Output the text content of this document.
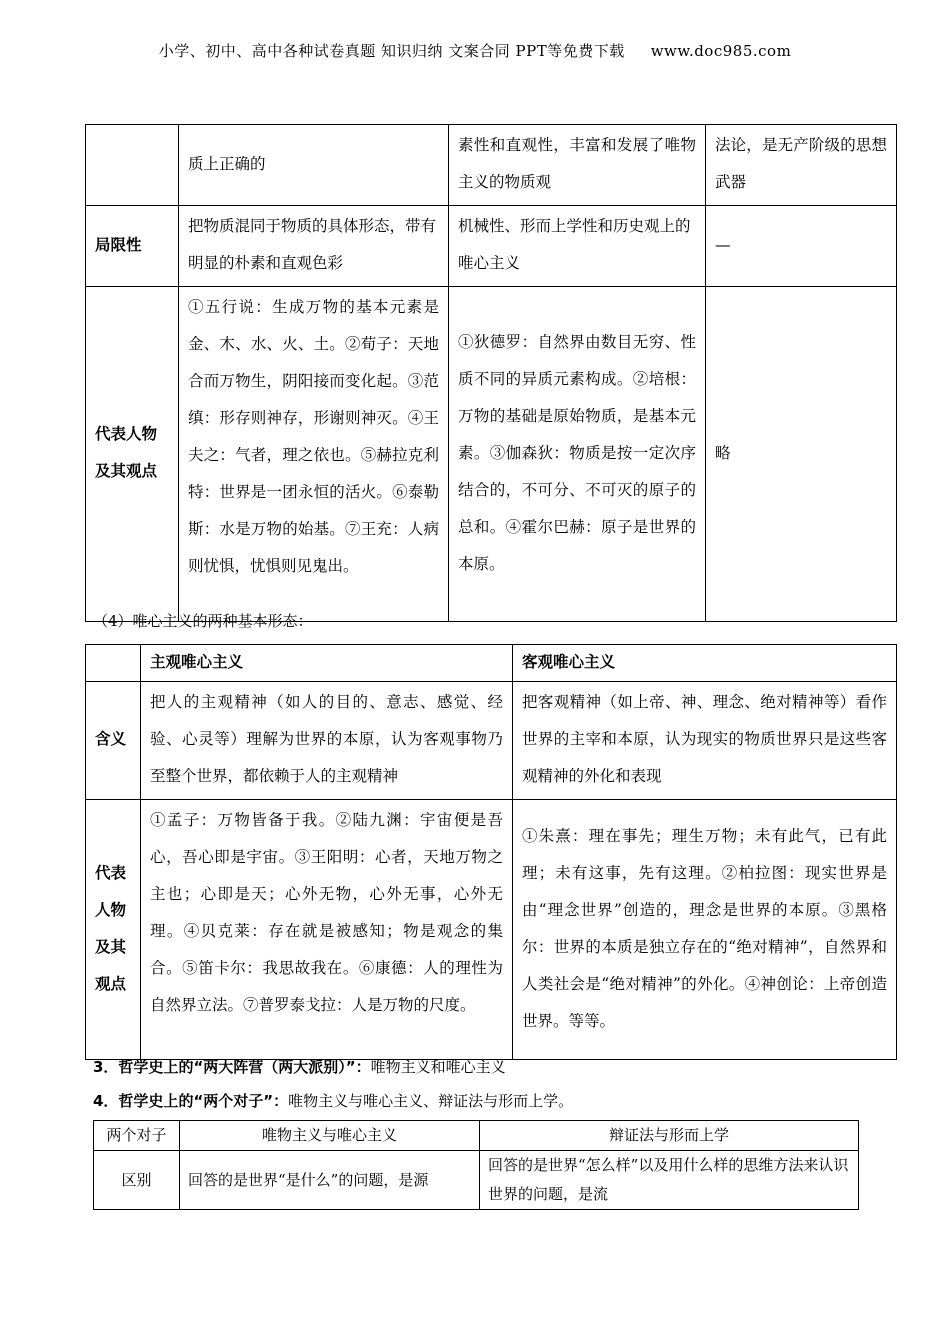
小学、初中、高中各种试卷真题 知识归纳 文案合同 PPT等免费下载 www.doc985.com
	质上正确的	素性和直观性，丰富和发展了唯物主义的物质观	法论，是无产阶级的思想武器
局限性	把物质混同于物质的具体形态，带有明显的朴素和直观色彩	机械性、形而上学性和历史观上的唯心主义	—
代表人物及其观点	①五行说：生成万物的基本元素是金、木、水、火、土。②荀子：天地合而万物生，阴阳接而变化起。③范缜：形存则神存，形谢则神灭。④王夫之：气者，理之依也。⑤赫拉克利特：世界是一团永恒的活火。⑥泰勒斯：水是万物的始基。⑦王充：人病则忧惧，忧惧则见鬼出。	①狄德罗：自然界由数目无穷、性质不同的异质元素构成。②培根：万物的基础是原始物质，是基本元素。③伽森狄：物质是按一定次序结合的，不可分、不可灭的原子的总和。④霍尔巴赫：原子是世界的本原。	略
（4）唯心主义的两种基本形态：
	主观唯心主义	客观唯心主义
含义	把人的主观精神（如人的目的、意志、感觉、经验、心灵等）理解为世界的本原，认为客观事物乃至整个世界，都依赖于人的主观精神	把客观精神（如上帝、神、理念、绝对精神等）看作世界的主宰和本原，认为现实的物质世界只是这些客观精神的外化和表现
代表人物及其观点	①孟子：万物皆备于我。②陆九渊：宇宙便是吾心，吾心即是宇宙。③王阳明：心者，天地万物之主也；心即是天；心外无物，心外无事，心外无理。④贝克莱：存在就是被感知；物是观念的集合。⑤笛卡尔：我思故我在。⑥康德：人的理性为自然界立法。⑦普罗泰戈拉：人是万物的尺度。	①朱熹：理在事先；理生万物；未有此气，已有此理；未有这事，先有这理。②柏拉图：现实世界是由“理念世界”创造的，理念是世界的本原。③黑格尔：世界的本质是独立存在的“绝对精神”，自然界和人类社会是“绝对精神”的外化。④神创论：上帝创造世界。等等。
3．哲学史上的“两大阵营（两大派别）”：唯物主义和唯心主义
4．哲学史上的“两个对子”：唯物主义与唯心主义、辩证法与形而上学。
两个对子	唯物主义与唯心主义	辩证法与形而上学
区别	回答的是世界“是什么”的问题，是源	回答的是世界“怎么样”以及用什么样的思维方法来认识世界的问题，是流
